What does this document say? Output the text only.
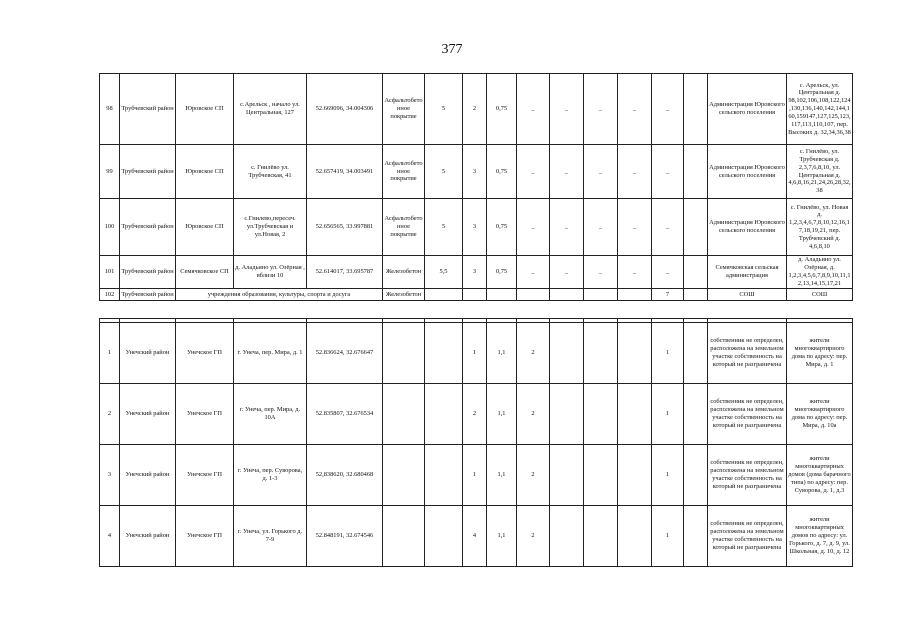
377
98	Трубчевский район	Юровское СП	с.Арельск , начало ул. Центральная, 127	52.669096, 34.004306	Асфальтобетонное покрытие	5	2	0,75	_	_	_	_	_		Администрация Юровского сельского поселения	с. Арельск, ул. Центральная д. 98,102,106,108,122,124,130,136,140,142,144,160,159147,127,125,123,117,113,110,107, пер. Высоких д. 32,34,36,38
99	Трубчевский район	Юровское СП	с. Гнилёво ул. Трубчевская, 41	52.657419, 34.003491	Асфальтобетонное покрытие	5	3	0,75	_	_	_	_	_		Администрация Юровского сельского поселения	с. Гнилёво, ул. Трубчевская д. 2,3,7,6,8,10, ул. Центральная д. 4,6,8,16,21,24,26,28,32, 38
100	Трубчевский район	Юровское СП	с.Гнилево,пересеч. ул.Трубчевская и ул.Новая, 2	52.656565, 33.997881	Асфальтобетонное покрытие	5	3	0,75	_	_	_	_	_		Администрация Юровского сельского поселения	с. Гнилёво, ул. Новая д. 1,2,3,4,6,7,8,10,12,16,17,18,19,21, пер. Трубчевский д. 4,6,8,10
101	Трубчевский район	Семячковское СП	д. Аладьино ул. Озёрная , вблизи 10	52.614017, 33.695787	Железобетон	5,5	3	0,75	_	_	_	_	_		Семячковская сельская администрация	д. Аладьино ул. Озёрная, д. 1,2,3,4,5,6,7,8,9,10,11,12,13,14,15,17,21
102	Трубчевский район	учреждения образования, культуры, спорта и досуга			Железобетон								7		СОШ	СОШ

1	Унечский район	Унечское ГП	г. Унеча, пер. Мира, д. 1	52.836624, 32.676647			1	1,1	2				1		собственник не определен, расположена на земельном участке собственность на который не разграничена	жители многоквартирного дома по адресу: пер. Мира, д. 1
2	Унечский район	Унечское ГП	г. Унеча, пер. Мира, д. 10А	52.835807, 32.676534			2	1,1	2				1		собственник не определен, расположена на земельном участке собственность на который не разграничена	жители многоквартирного дома по адресу: пер. Мира, д. 10а
3	Унечский район	Унечское ГП	г. Унеча, пер. Суворова, д. 1-3	52,838620, 32.680468			1	1,1	2				1		собственник не определен, расположена на земельном участке собственность на который не разграничена	жители многоквартирных домов (дома барачного типа) по адресу: пер. Суворова, д. 1, д.3
4	Унечский район	Унечское ГП	г. Унеча, ул. Горького д. 7-9	52.848191, 32.674546			4	1,1	2				1		собственник не определен, расположена на земельном участке собственность на который не разграничена	жители многоквартирных домов по адресу: ул. Горького, д. 7, д. 9, ул. Школьная, д. 10, д. 12
